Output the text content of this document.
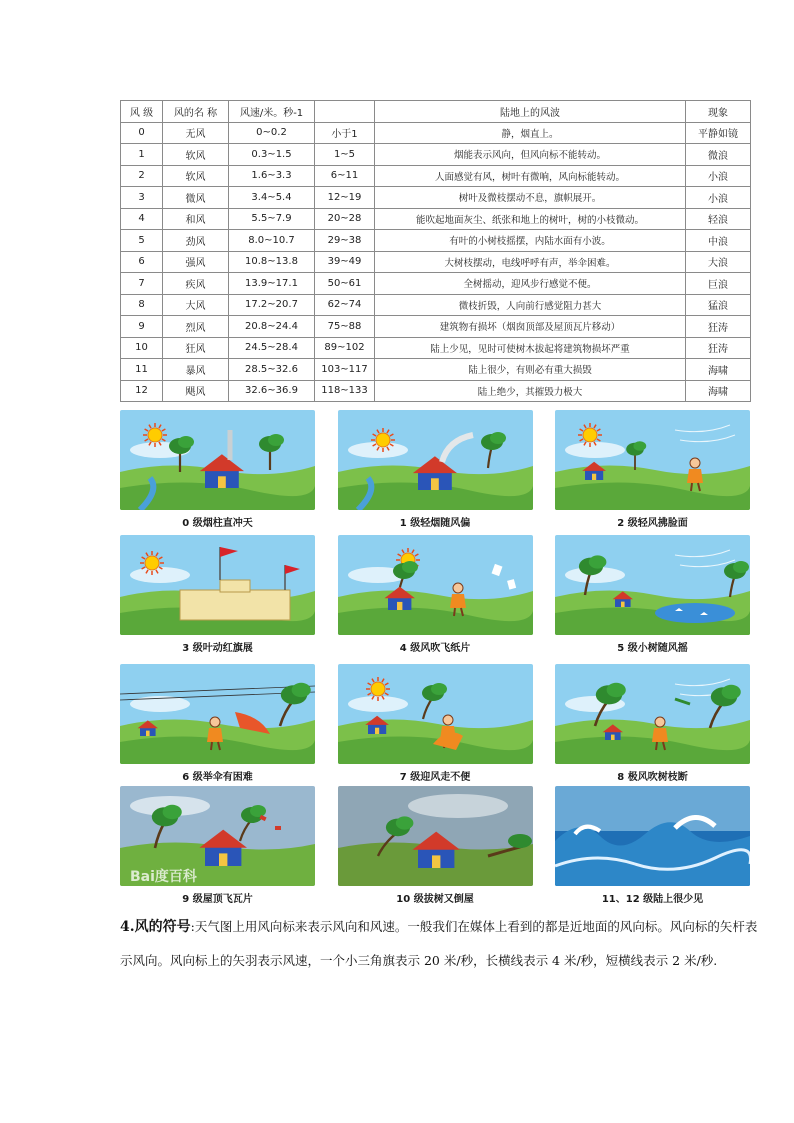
风 级	风的名 称	风速/米。秒-1		陆地上的风波	现象
0	无风	0~0.2	小于1	静，烟直上。	平静如镜
1	软风	0.3~1.5	1~5	烟能表示风向，但风向标不能转动。	微浪
2	软风	1.6~3.3	6~11	人面感觉有风，树叶有微响，风向标能转动。	小浪
3	微风	3.4~5.4	12~19	树叶及微枝摆动不息，旗帜展开。	小浪
4	和风	5.5~7.9	20~28	能吹起地面灰尘、纸张和地上的树叶，树的小枝微动。	轻浪
5	劲风	8.0~10.7	29~38	有叶的小树枝摇摆，内陆水面有小波。	中浪
6	强风	10.8~13.8	39~49	大树枝摆动，电线呼呼有声，举伞困难。	大浪
7	疾风	13.9~17.1	50~61	全树摇动，迎风步行感觉不便。	巨浪
8	大风	17.2~20.7	62~74	微枝折毁，人向前行感觉阻力甚大	猛浪
9	烈风	20.8~24.4	75~88	建筑物有损坏（烟囱顶部及屋顶瓦片移动）	狂涛
10	狂风	24.5~28.4	89~102	陆上少见，见时可使树木拔起将建筑物损坏严重	狂涛
11	暴风	28.5~32.6	103~117	陆上很少，有则必有重大损毁	海啸
12	飓风	32.6~36.9	118~133	陆上绝少，其摧毁力极大	海啸
0 级烟柱直冲天	1 级轻烟随风偏	2 级轻风拂脸面
3 级叶动红旗展	4 级风吹飞纸片	5 级小树随风摇
6 级举伞有困难	7 级迎风走不便	8 极风吹树枝断
Bai度百科
9 级屋顶飞瓦片	10 级拔树又倒屋	11、12 级陆上很少见
4.风的符号:天气图上用风向标来表示风向和风速。一般我们在媒体上看到的都是近地面的风向标。风向标的矢杆表示风向。风向标上的矢羽表示风速，一个小三角旗表示 20 米/秒，长横线表示 4 米/秒，短横线表示 2 米/秒.
